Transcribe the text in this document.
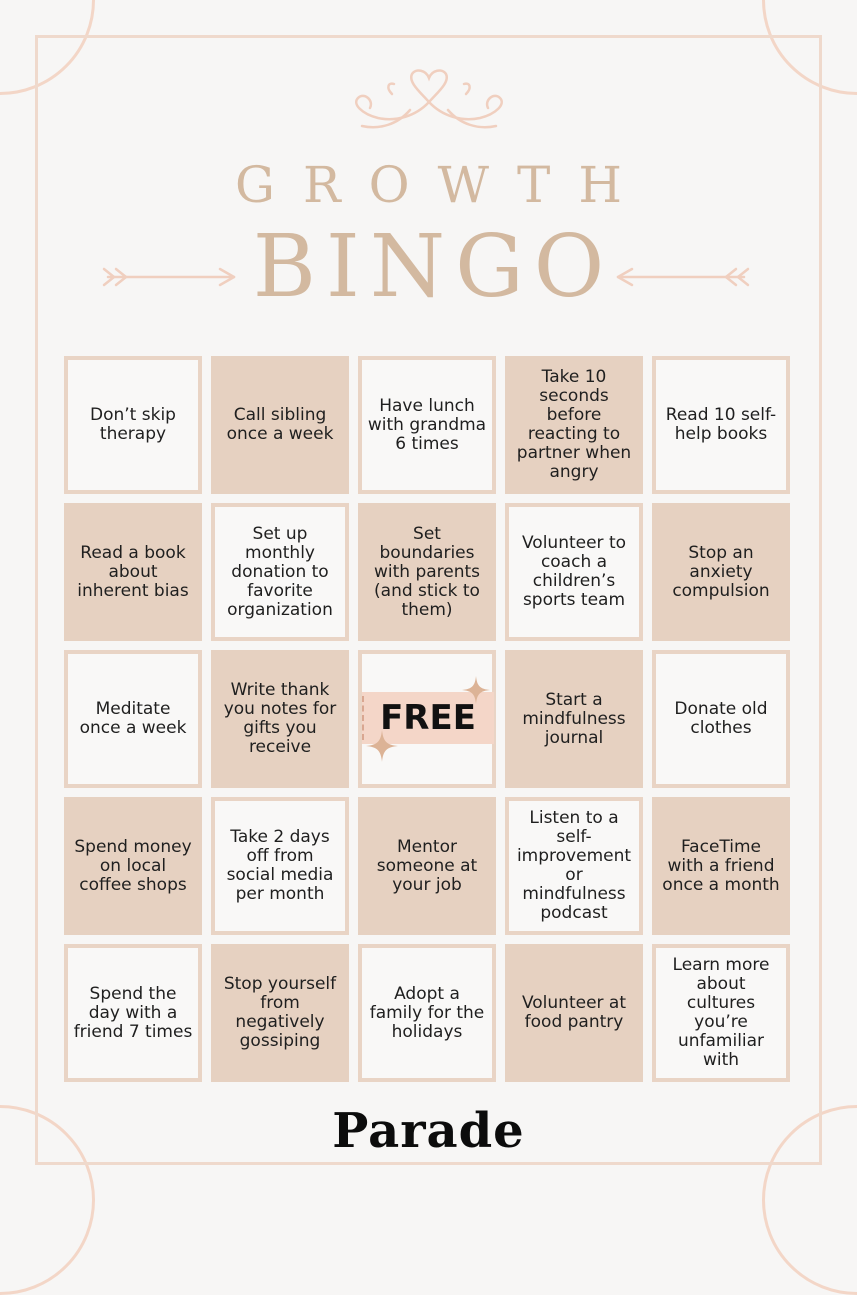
GROWTH
BINGO
Don’t skip therapy
Call sibling once a week
Have lunch with grandma 6 times
Take 10 seconds before reacting to partner when angry
Read 10 self-help books
Read a book about inherent bias
Set up monthly donation to favorite organization
Set boundaries with parents (and stick to them)
Volunteer to coach a children’s sports team
Stop an anxiety compulsion
Meditate once a week
Write thank you notes for gifts you receive
FREE	Start a mindfulness journal
Donate old clothes
Spend money on local coffee shops
Take 2 days off from social media per month
Mentor someone at your job
Listen to a self-improvement or mindfulness podcast
FaceTime with a friend once a month
Spend the day with a friend 7 times
Stop yourself from negatively gossiping
Adopt a family for the holidays
Volunteer at food pantry
Learn more about cultures you’re unfamiliar with
Parade
